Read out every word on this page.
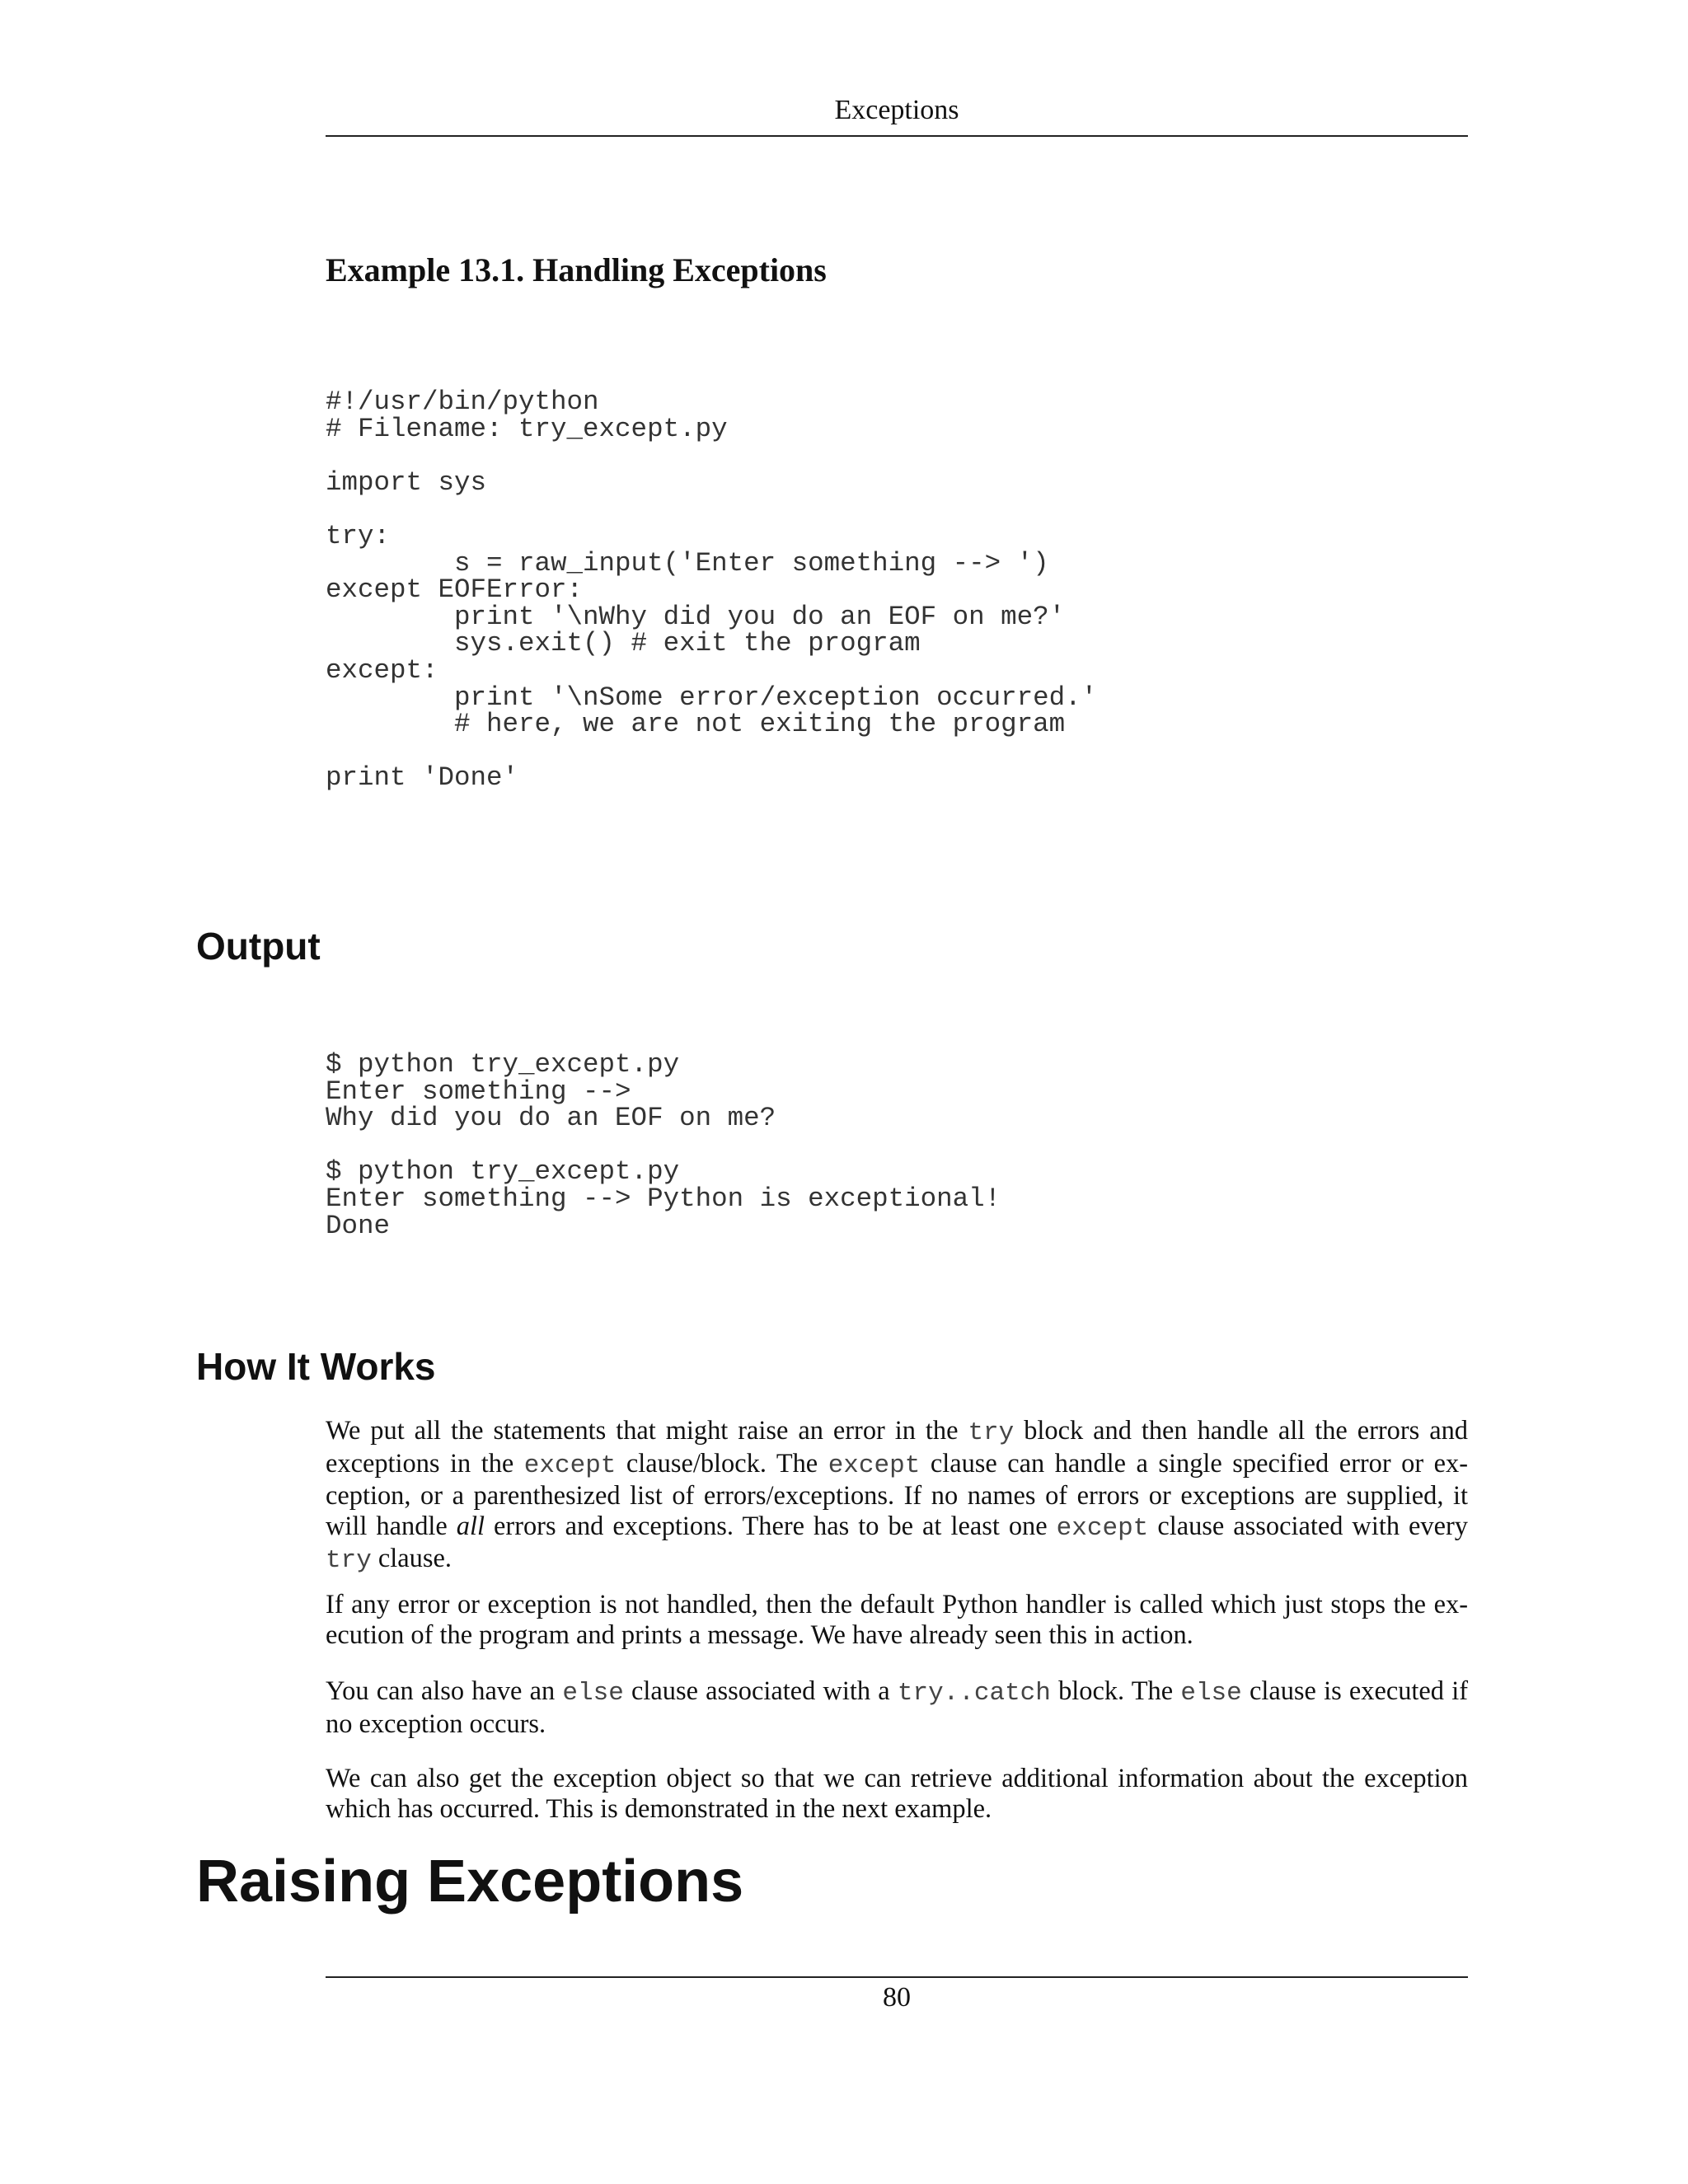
Exceptions
Example 13.1. Handling Exceptions
#!/usr/bin/python
# Filename: try_except.py

import sys

try:
s = raw_input('Enter something --> ')
except EOFError:
print '\nWhy did you do an EOF on me?'
sys.exit() # exit the program
except:
print '\nSome error/exception occurred.'
# here, we are not exiting the program

print 'Done'
Output
$ python try_except.py
Enter something -->
Why did you do an EOF on me?

$ python try_except.py
Enter something --> Python is exceptional!
Done
How It Works

We put all the statements that might raise an error in the try block and then handle all the errors and exceptions in the except clause/block. The except clause can handle a single specified error or exception, or a parenthesized list of errors/exceptions. If no names of errors or exceptions are supplied, it will handle all errors and exceptions. There has to be at least one except clause associated with every try clause.

If any error or exception is not handled, then the default Python handler is called which just stops the execution of the program and prints a message. We have already seen this in action.

You can also have an else clause associated with a try..catch block. The else clause is executed if no exception occurs.

We can also get the exception object so that we can retrieve additional information about the exception which has occurred. This is demonstrated in the next example.

Raising Exceptions
80
